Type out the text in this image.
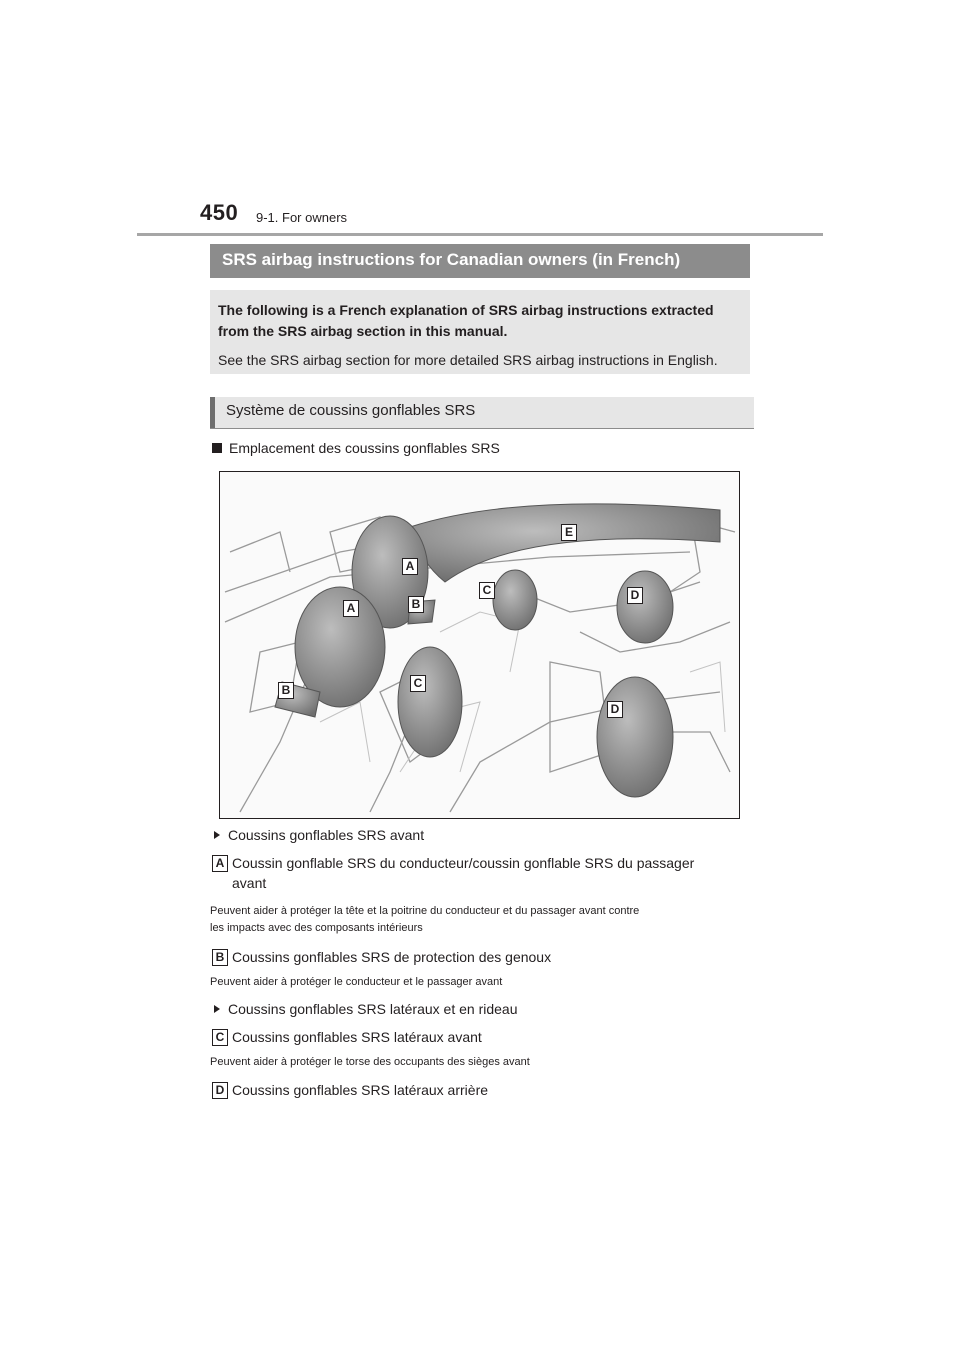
450 9-1. For owners
SRS airbag instructions for Canadian owners (in French)

The following is a French explanation of SRS airbag instructions extracted

from the SRS airbag section in this manual.

See the SRS airbag section for more detailed SRS airbag instructions in English.

Système de coussins gonflables SRS
Emplacement des coussins gonflables SRS
A
A	B
B
C
C
D
D
E
Coussins gonflables SRS avant
A Coussin gonflable SRS du conducteur/coussin gonflable SRS du passager
avant
Peuvent aider à protéger la tête et la poitrine du conducteur et du passager avant contre
les impacts avec des composants intérieurs
B Coussins gonflables SRS de protection des genoux
Peuvent aider à protéger le conducteur et le passager avant
Coussins gonflables SRS latéraux et en rideau
C Coussins gonflables SRS latéraux avant
Peuvent aider à protéger le torse des occupants des sièges avant
D Coussins gonflables SRS latéraux arrière
